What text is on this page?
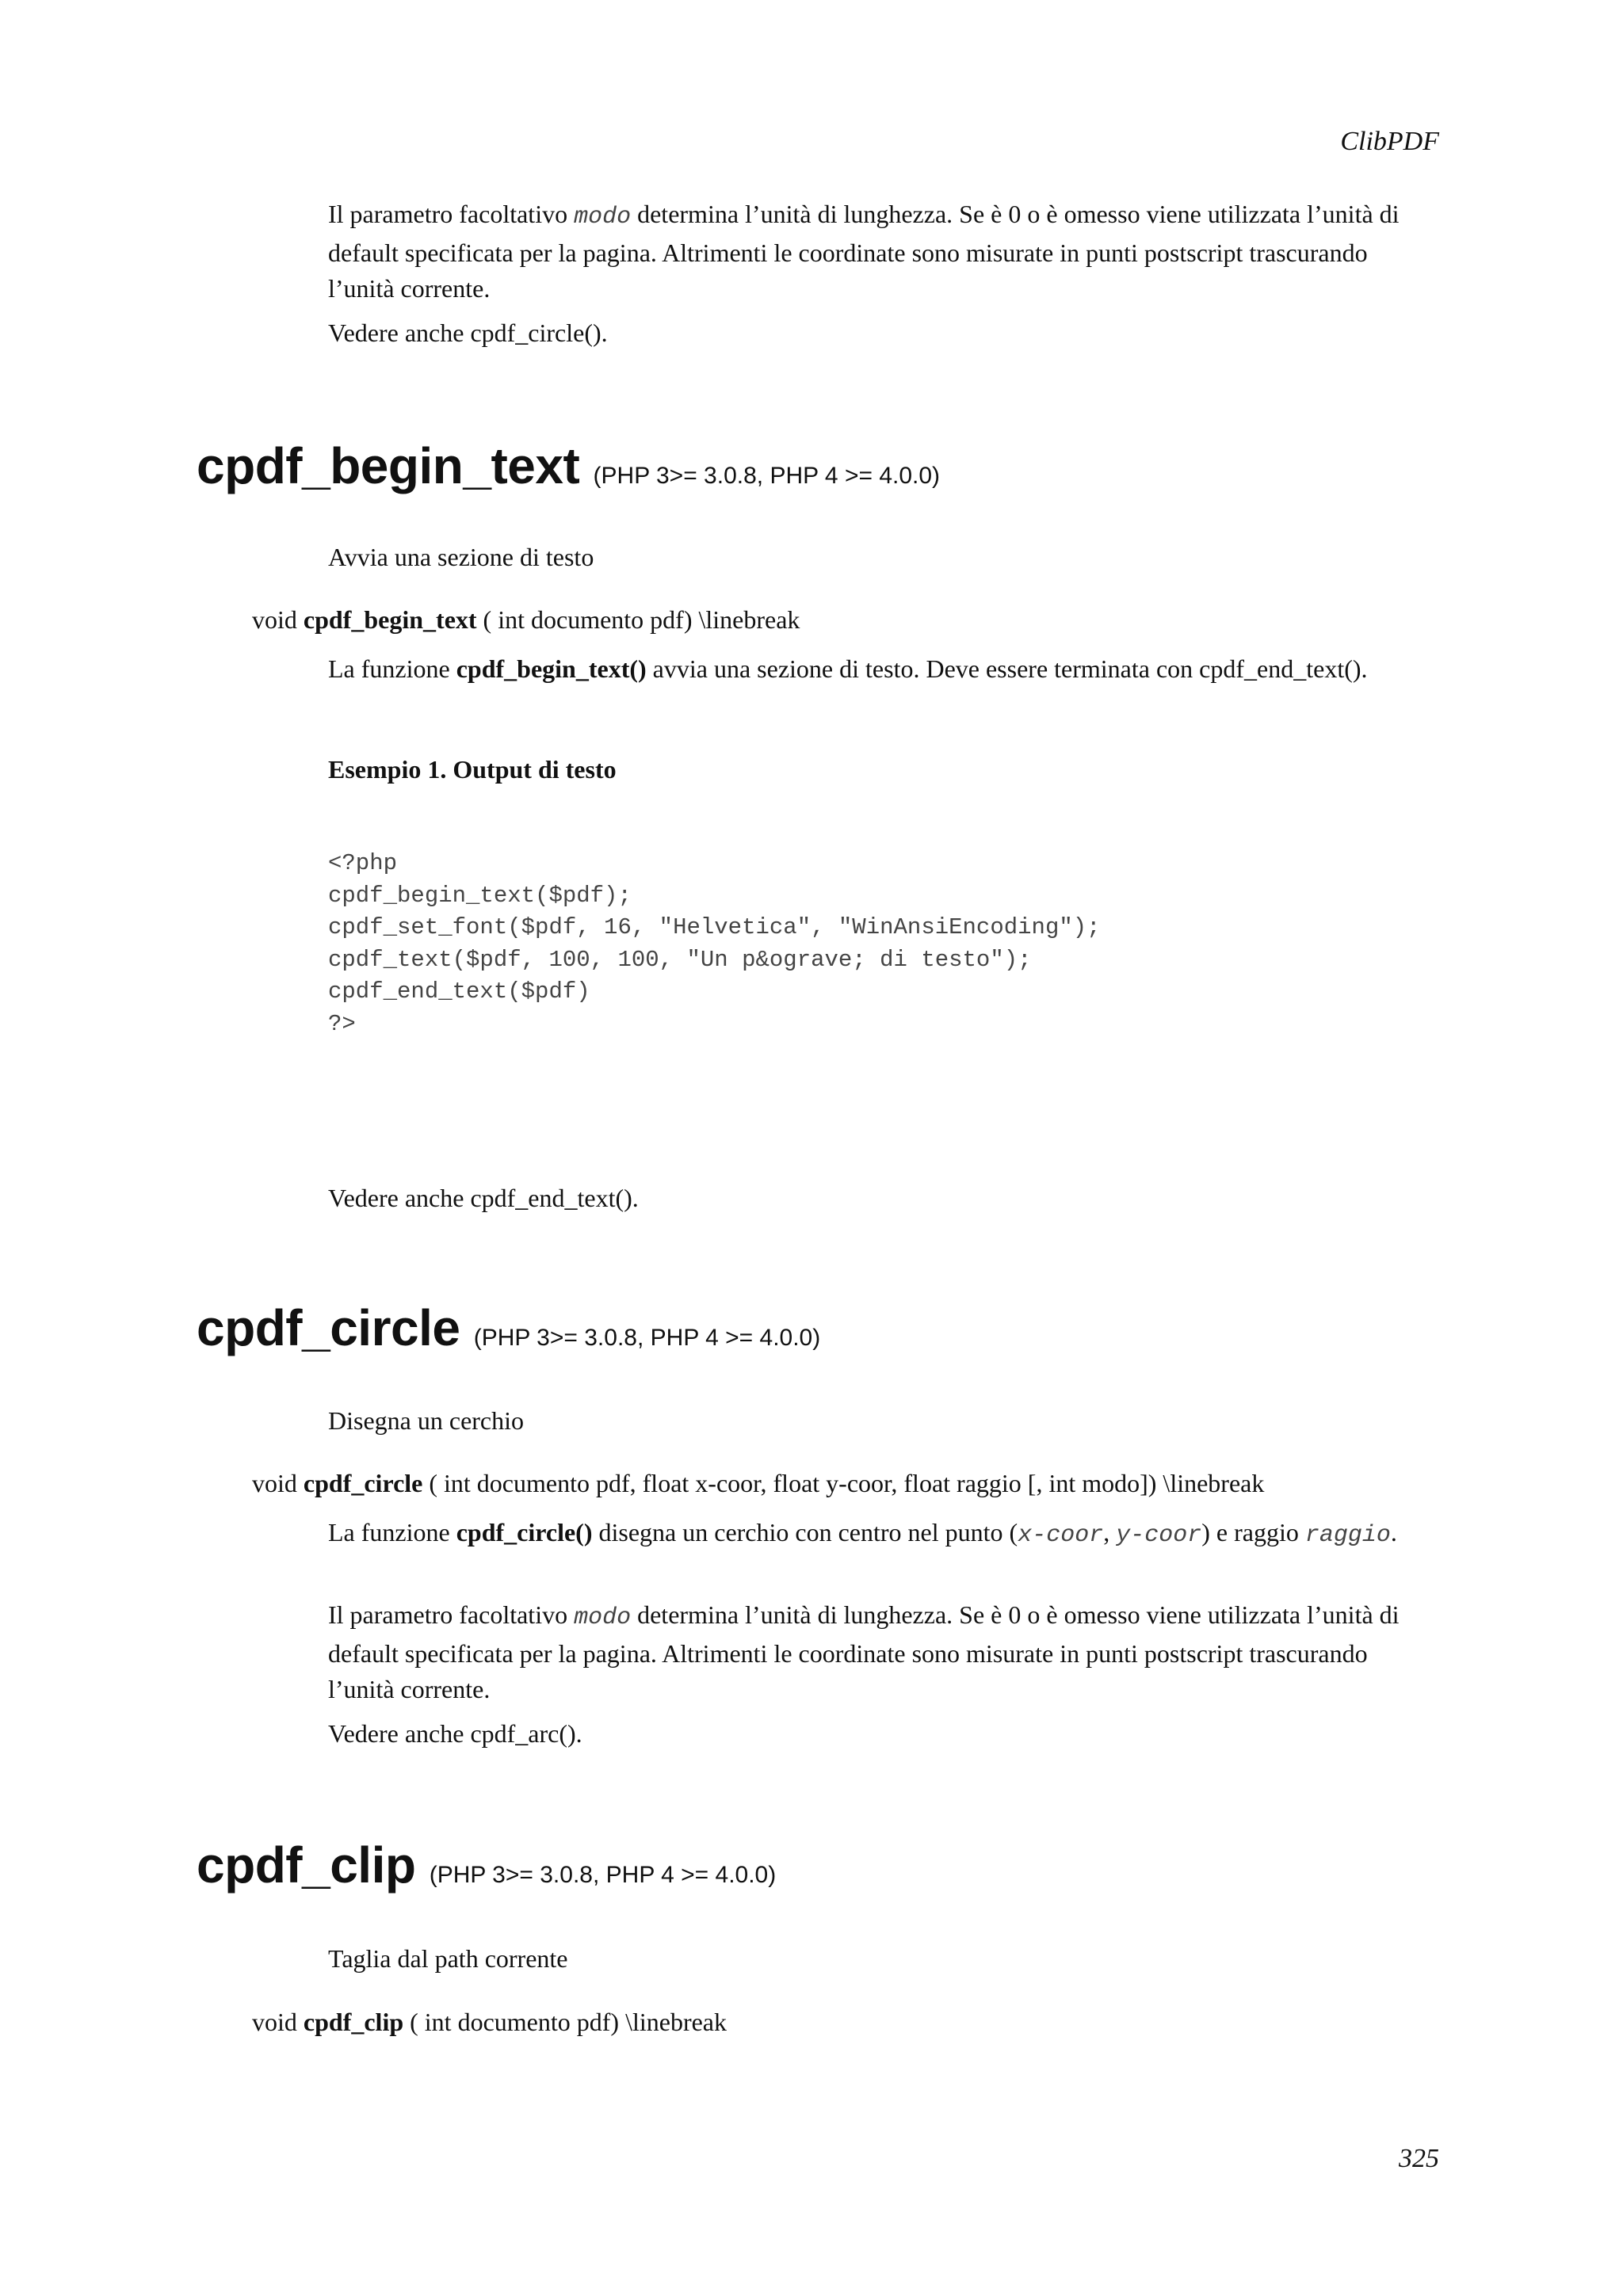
ClibPDF

Il parametro facoltativo modo determina l’unità di lunghezza. Se è 0 o è omesso viene utilizzata l’unità di default specificata per la pagina. Altrimenti le coordinate sono misurate in punti postscript trascurando l’unità corrente.

Vedere anche cpdf_circle().

cpdf_begin_text (PHP 3>= 3.0.8, PHP 4 >= 4.0.0)

Avvia una sezione di testo

void cpdf_begin_text ( int documento pdf) \linebreak

La funzione cpdf_begin_text() avvia una sezione di testo. Deve essere terminata con cpdf_end_text().

Esempio 1. Output di testo
<?php
cpdf_begin_text($pdf);
cpdf_set_font($pdf, 16, "Helvetica", "WinAnsiEncoding");
cpdf_text($pdf, 100, 100, "Un p&ograve; di testo");
cpdf_end_text($pdf)
?>

Vedere anche cpdf_end_text().

cpdf_circle (PHP 3>= 3.0.8, PHP 4 >= 4.0.0)

Disegna un cerchio

void cpdf_circle ( int documento pdf, float x-coor, float y-coor, float raggio [, int modo]) \linebreak

La funzione cpdf_circle() disegna un cerchio con centro nel punto (x-coor, y-coor) e raggio raggio.

Il parametro facoltativo modo determina l’unità di lunghezza. Se è 0 o è omesso viene utilizzata l’unità di default specificata per la pagina. Altrimenti le coordinate sono misurate in punti postscript trascurando l’unità corrente.

Vedere anche cpdf_arc().

cpdf_clip (PHP 3>= 3.0.8, PHP 4 >= 4.0.0)

Taglia dal path corrente

void cpdf_clip ( int documento pdf) \linebreak
325
